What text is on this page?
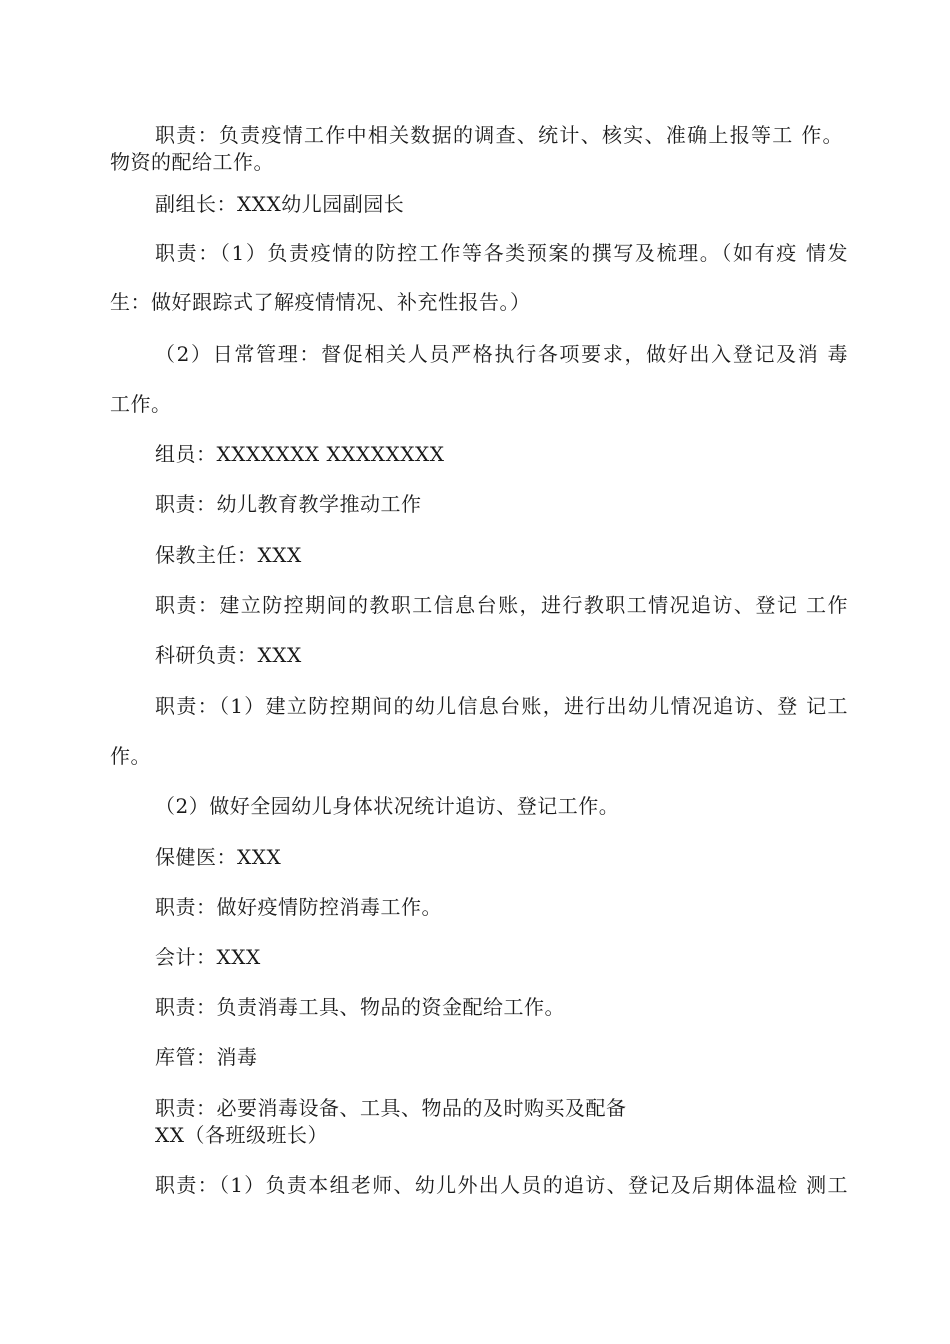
职责：负责疫情工作中相关数据的调查、统计、核实、准确上报等工 作。
物资的配给工作。
副组长：XXX幼儿园副园长
职责：（1）负责疫情的防控工作等各类预案的撰写及梳理。（如有疫 情发
生：做好跟踪式了解疫情情况、补充性报告。）
（2）日常管理：督促相关人员严格执行各项要求，做好出入登记及消 毒
工作。
组员：XXXXXXX XXXXXXXX
职责：幼儿教育教学推动工作
保教主任：XXX
职责：建立防控期间的教职工信息台账，进行教职工情况追访、登记 工作
科研负责：XXX
职责：（1）建立防控期间的幼儿信息台账，进行出幼儿情况追访、登 记工
作。
（2）做好全园幼儿身体状况统计追访、登记工作。
保健医：XXX
职责：做好疫情防控消毒工作。
会计：XXX
职责：负责消毒工具、物品的资金配给工作。
库管：消毒
职责：必要消毒设备、工具、物品的及时购买及配备
XX（各班级班长）
职责：（1）负责本组老师、幼儿外出人员的追访、登记及后期体温检 测工
